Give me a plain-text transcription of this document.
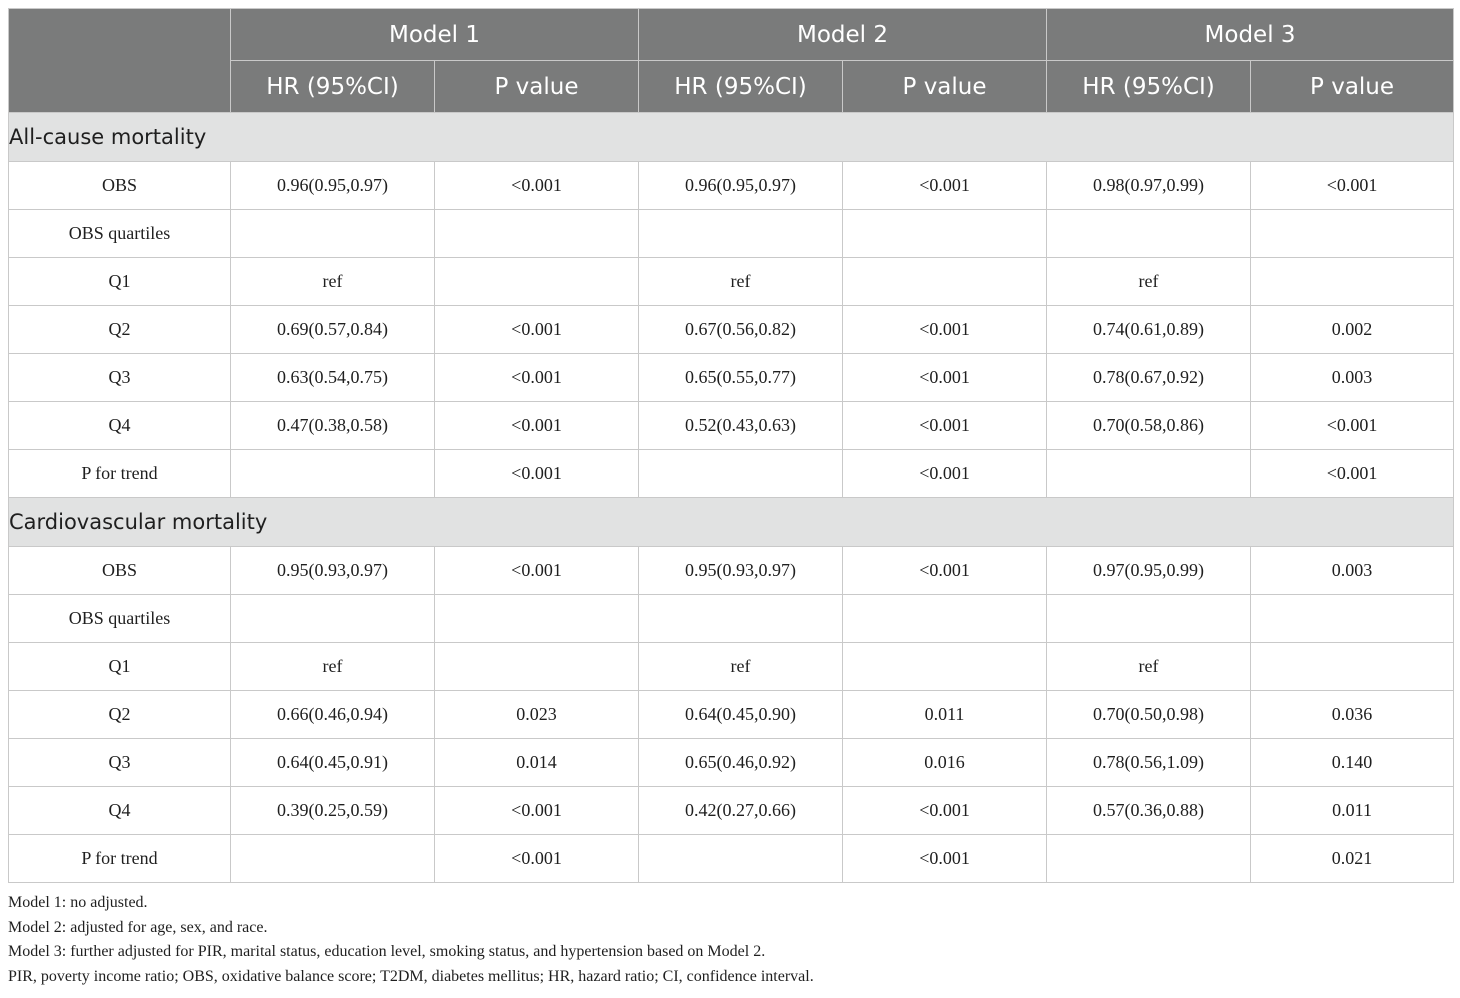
	Model 1		Model 2		Model 3	
	HR (95%CI)	P value	HR (95%CI)	P value	HR (95%CI)	P value
All-cause mortality						
OBS	0.96(0.95,0.97)	<0.001	0.96(0.95,0.97)	<0.001	0.98(0.97,0.99)	<0.001
OBS quartiles						
Q1	ref		ref		ref	
Q2	0.69(0.57,0.84)	<0.001	0.67(0.56,0.82)	<0.001	0.74(0.61,0.89)	0.002
Q3	0.63(0.54,0.75)	<0.001	0.65(0.55,0.77)	<0.001	0.78(0.67,0.92)	0.003
Q4	0.47(0.38,0.58)	<0.001	0.52(0.43,0.63)	<0.001	0.70(0.58,0.86)	<0.001
P for trend		<0.001		<0.001		<0.001
Cardiovascular mortality						
OBS	0.95(0.93,0.97)	<0.001	0.95(0.93,0.97)	<0.001	0.97(0.95,0.99)	0.003
OBS quartiles						
Q1	ref		ref		ref	
Q2	0.66(0.46,0.94)	0.023	0.64(0.45,0.90)	0.011	0.70(0.50,0.98)	0.036
Q3	0.64(0.45,0.91)	0.014	0.65(0.46,0.92)	0.016	0.78(0.56,1.09)	0.140
Q4	0.39(0.25,0.59)	<0.001	0.42(0.27,0.66)	<0.001	0.57(0.36,0.88)	0.011
P for trend		<0.001		<0.001		0.021
Model 1: no adjusted.
Model 2: adjusted for age, sex, and race.
Model 3: further adjusted for PIR, marital status, education level, smoking status, and hypertension based on Model 2.
PIR, poverty income ratio; OBS, oxidative balance score; T2DM, diabetes mellitus; HR, hazard ratio; CI, confidence interval.
